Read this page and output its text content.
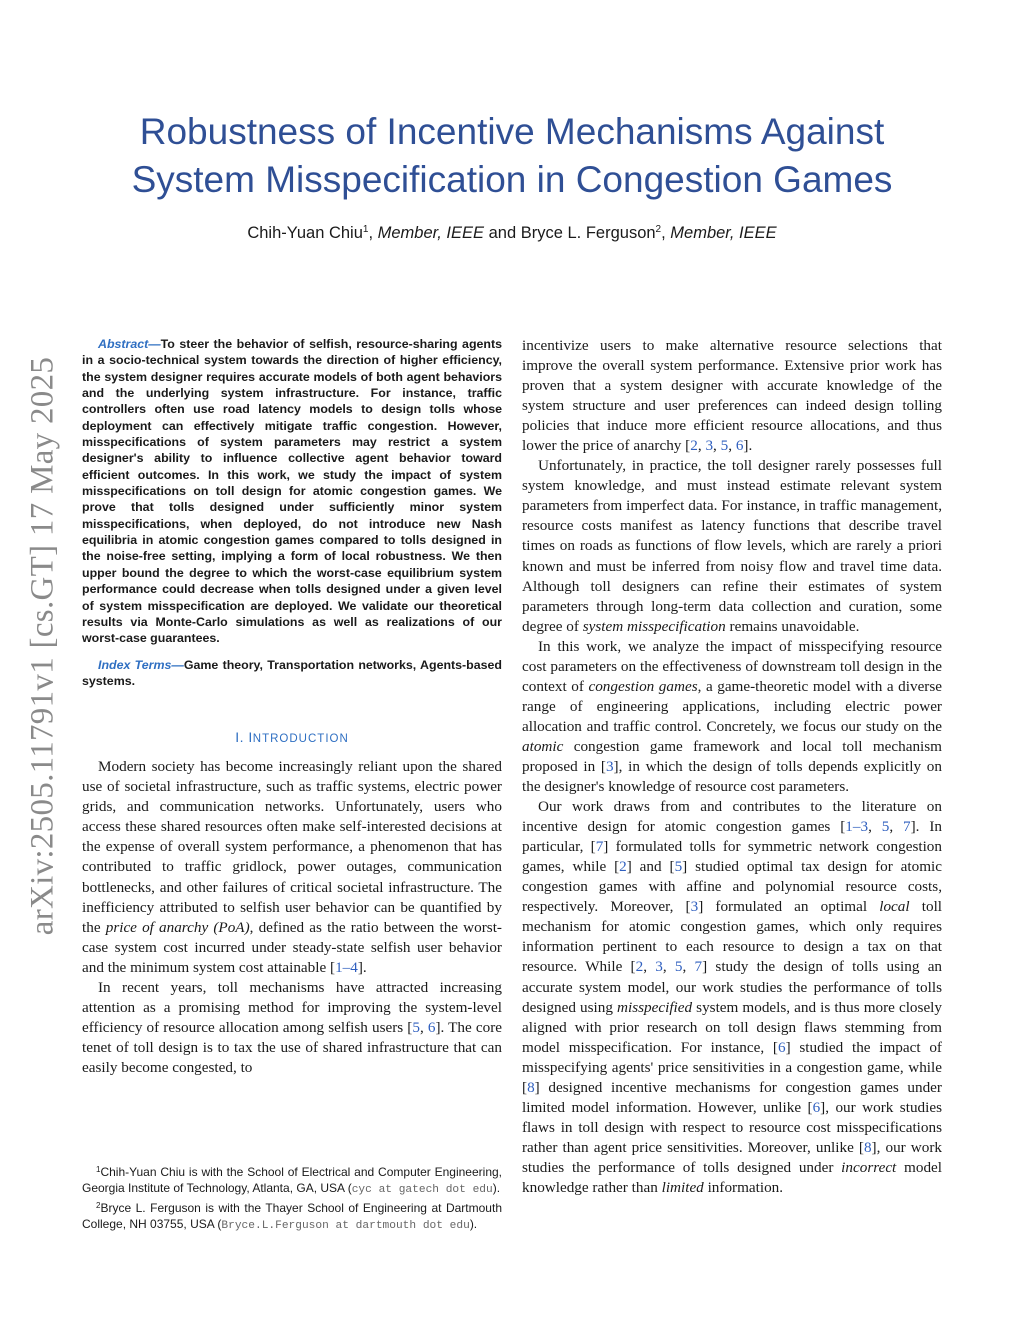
Robustness of Incentive Mechanisms Against
System Misspecification in Congestion Games
Chih-Yuan Chiu$^1$, Member, IEEE and Bryce L. Ferguson$^2$, Member, IEEE
arXiv:2505.11791v1 [cs.GT] 17 May 2025

Abstract—To steer the behavior of selfish, resource-sharing agents in a socio-technical system towards the direction of higher efficiency, the system designer requires accurate models of both agent behaviors and the underlying system infrastructure. For instance, traffic controllers often use road latency models to design tolls whose deployment can effectively mitigate traffic congestion. However, misspecifications of system parameters may restrict a system designer's ability to influence collective agent behavior toward efficient outcomes. In this work, we study the impact of system misspecifications on toll design for atomic congestion games. We prove that tolls designed under sufficiently minor system misspecifications, when deployed, do not introduce new Nash equilibria in atomic congestion games compared to tolls designed in the noise-free setting, implying a form of local robustness. We then upper bound the degree to which the worst-case equilibrium system performance could decrease when tolls designed under a given level of system misspecification are deployed. We validate our theoretical results via Monte-Carlo simulations as well as realizations of our worst-case guarantees.

Index Terms—Game theory, Transportation networks, Agents-based systems.

I. INTRODUCTION

Modern society has become increasingly reliant upon the shared use of societal infrastructure, such as traffic systems, electric power grids, and communication networks. Unfortunately, users who access these shared resources often make self-interested decisions at the expense of overall system performance, a phenomenon that has contributed to traffic gridlock, power outages, communication bottlenecks, and other failures of critical societal infrastructure. The inefficiency attributed to selfish user behavior can be quantified by the price of anarchy (PoA), defined as the ratio between the worst-case system cost incurred under steady-state selfish user behavior and the minimum system cost attainable [1–4].

In recent years, toll mechanisms have attracted increasing attention as a promising method for improving the system-level efficiency of resource allocation among selfish users [5, 6]. The core tenet of toll design is to tax the use of shared infrastructure that can easily become congested, to

incentivize users to make alternative resource selections that improve the overall system performance. Extensive prior work has proven that a system designer with accurate knowledge of the system structure and user preferences can indeed design tolling policies that induce more efficient resource allocations, and thus lower the price of anarchy [2, 3, 5, 6].

Unfortunately, in practice, the toll designer rarely possesses full system knowledge, and must instead estimate relevant system parameters from imperfect data. For instance, in traffic management, resource costs manifest as latency functions that describe travel times on roads as functions of flow levels, which are rarely a priori known and must be inferred from noisy flow and travel time data. Although toll designers can refine their estimates of system parameters through long-term data collection and curation, some degree of system misspecification remains unavoidable.

In this work, we analyze the impact of misspecifying resource cost parameters on the effectiveness of downstream toll design in the context of congestion games, a game-theoretic model with a diverse range of engineering applications, including electric power allocation and traffic control. Concretely, we focus our study on the atomic congestion game framework and local toll mechanism proposed in [3], in which the design of tolls depends explicitly on the designer's knowledge of resource cost parameters.

Our work draws from and contributes to the literature on incentive design for atomic congestion games [1–3, 5, 7]. In particular, [7] formulated tolls for symmetric network congestion games, while [2] and [5] studied optimal tax design for atomic congestion games with affine and polynomial resource costs, respectively. Moreover, [3] formulated an optimal local toll mechanism for atomic congestion games, which only requires information pertinent to each resource to design a tax on that resource. While [2, 3, 5, 7] study the design of tolls using an accurate system model, our work studies the performance of tolls designed using misspecified system models, and is thus more closely aligned with prior research on toll design flaws stemming from model misspecification. For instance, [6] studied the impact of misspecifying agents' price sensitivities in a congestion game, while [8] designed incentive mechanisms for congestion games under limited model information. However, unlike [6], our work studies flaws in toll design with respect to resource cost misspecifications rather than agent price sensitivities. Moreover, unlike [8], our work studies the performance of tolls designed under incorrect model knowledge rather than limited information.

$^1$Chih-Yuan Chiu is with the School of Electrical and Computer Engineering, Georgia Institute of Technology, Atlanta, GA, USA (cyc at gatech dot edu).

$^2$Bryce L. Ferguson is with the Thayer School of Engineering at Dartmouth College, NH 03755, USA (Bryce.L.Ferguson at dartmouth dot edu).
